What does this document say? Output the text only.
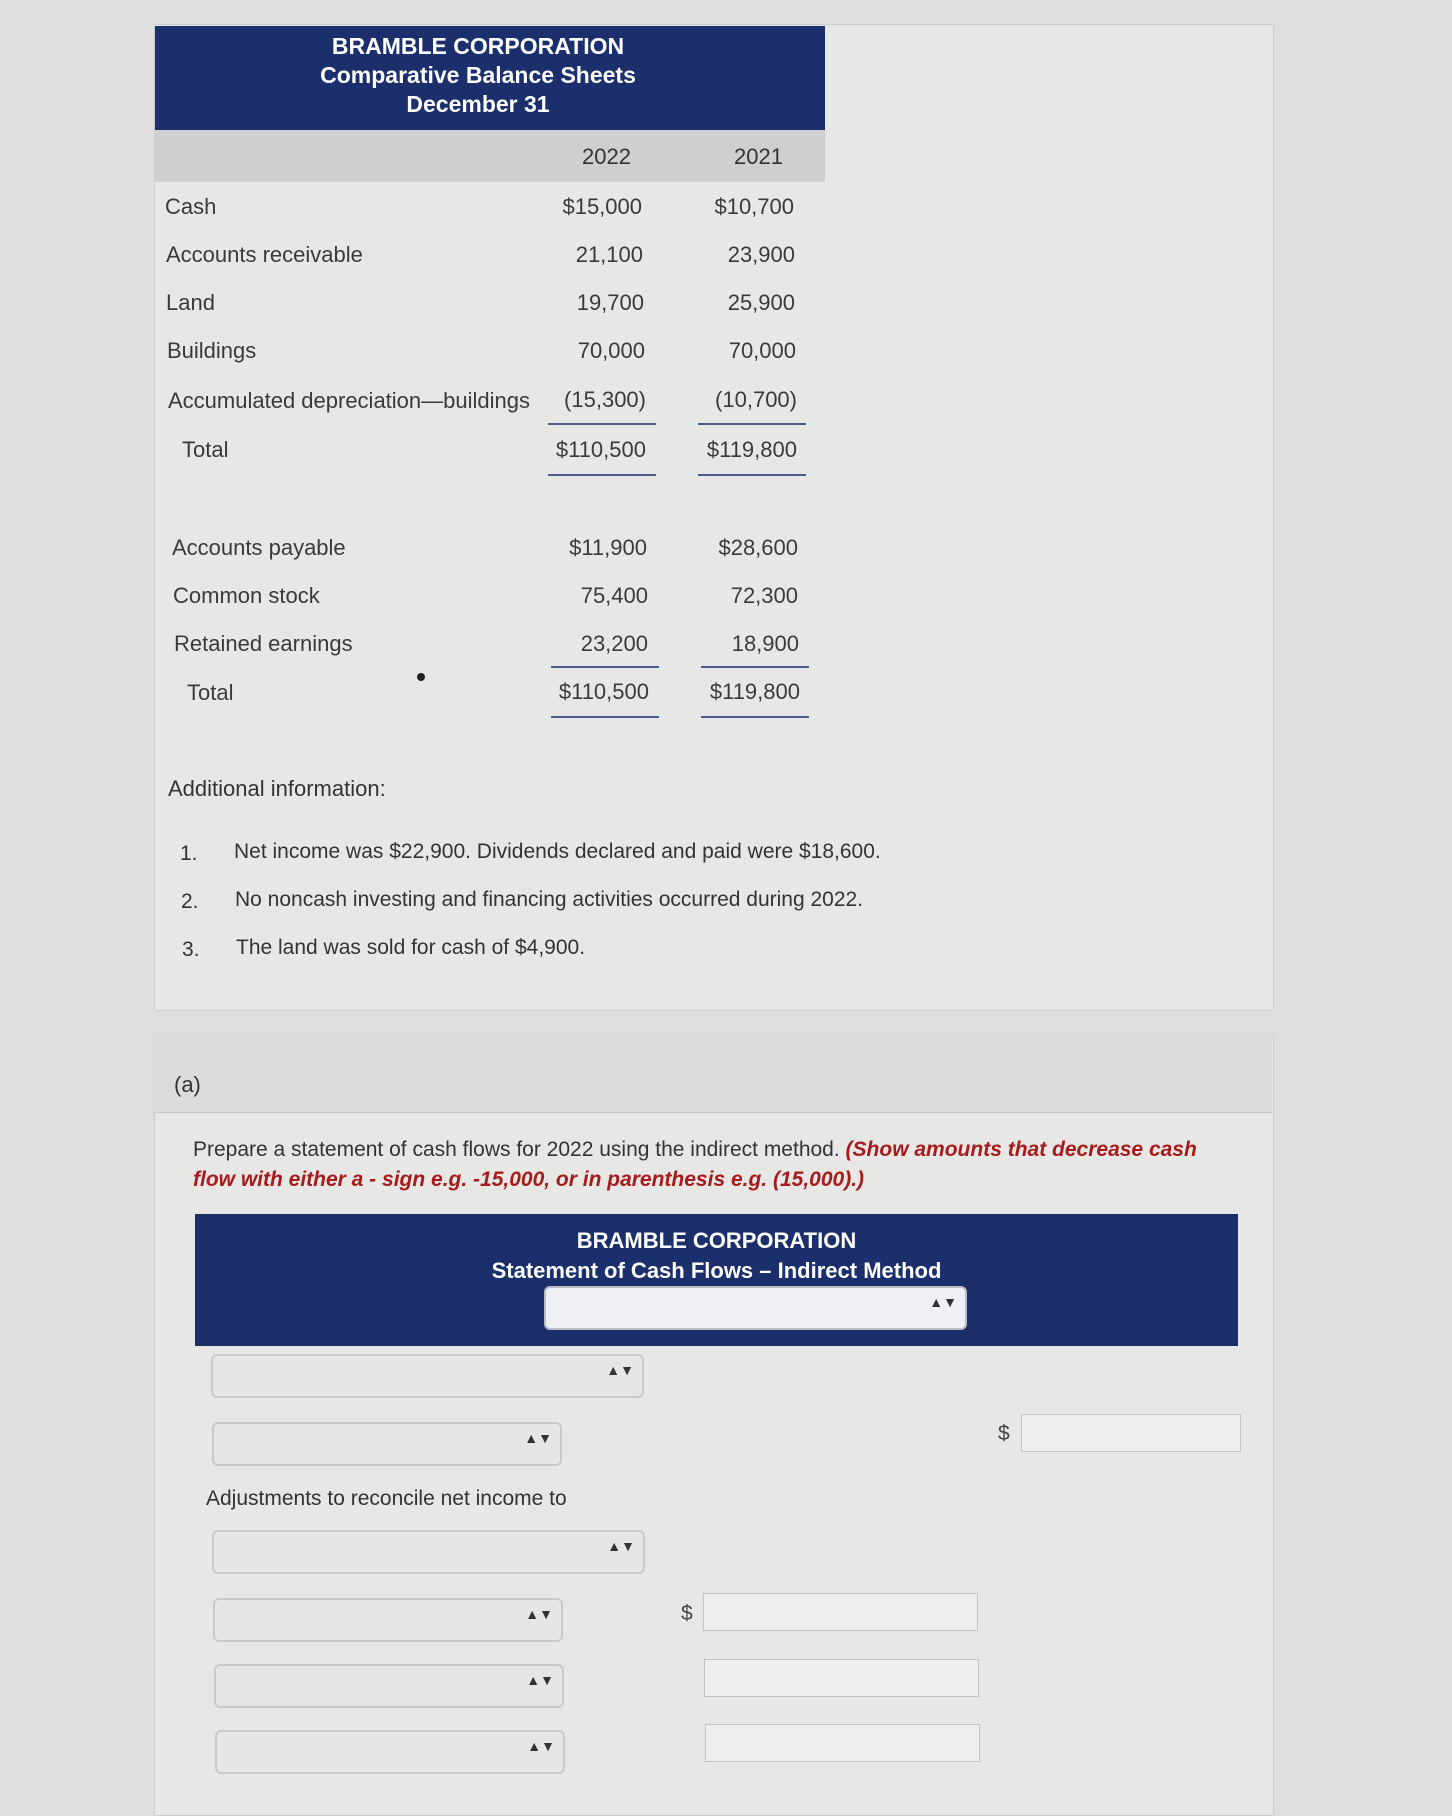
BRAMBLE CORPORATION
Comparative Balance Sheets
December 31
2022	2021
Cash	$15,000	$10,700
Accounts receivable	21,100	23,900
Land	19,700	25,900
Buildings	70,000	70,000
Accumulated depreciation—buildings	(15,300)	(10,700)
Total	$110,500	$119,800
Accounts payable	$11,900	$28,600
Common stock	75,400	72,300
Retained earnings	23,200	18,900
Total	$110,500	$119,800
Additional information:
1. Net income was $22,900. Dividends declared and paid were $18,600.
2. No noncash investing and financing activities occurred during 2022.
3. The land was sold for cash of $4,900.
(a)
Prepare a statement of cash flows for 2022 using the indirect method. (Show amounts that decrease cash flow with either a - sign e.g. -15,000, or in parenthesis e.g. (15,000).)
BRAMBLE CORPORATION
Statement of Cash Flows – Indirect Method
▲▼
▲▼
▲▼	$
Adjustments to reconcile net income to
▲▼
▲▼	$
▲▼
▲▼
